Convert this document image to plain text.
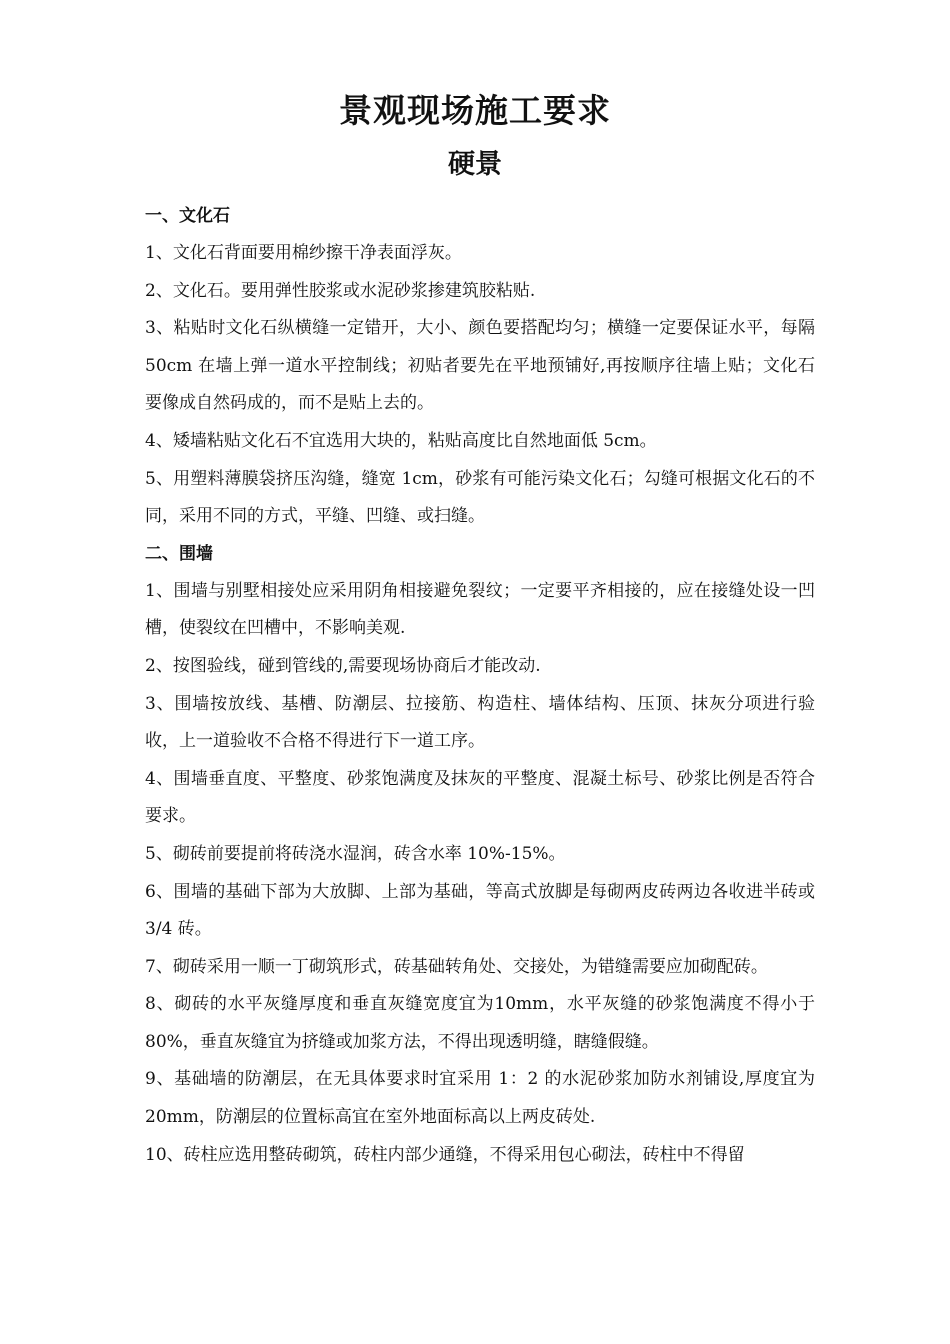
景观现场施工要求
硬景

一、文化石

1、文化石背面要用棉纱擦干净表面浮灰。

2、文化石。要用弹性胶浆或水泥砂浆掺建筑胶粘贴.

3、粘贴时文化石纵横缝一定错开，大小、颜色要搭配均匀；横缝一定要保证水平，每隔 50cm 在墙上弹一道水平控制线；初贴者要先在平地预铺好,再按顺序往墙上贴；文化石要像成自然码成的，而不是贴上去的。

4、矮墙粘贴文化石不宜选用大块的，粘贴高度比自然地面低 5cm。

5、用塑料薄膜袋挤压沟缝，缝宽 1cm，砂浆有可能污染文化石；勾缝可根据文化石的不同，采用不同的方式，平缝、凹缝、或扫缝。

二、围墙

1、围墙与别墅相接处应采用阴角相接避免裂纹；一定要平齐相接的，应在接缝处设一凹槽，使裂纹在凹槽中，不影响美观.

2、按图验线，碰到管线的,需要现场协商后才能改动.

3、围墙按放线、基槽、防潮层、拉接筋、构造柱、墙体结构、压顶、抹灰分项进行验收，上一道验收不合格不得进行下一道工序。

4、围墙垂直度、平整度、砂浆饱满度及抹灰的平整度、混凝土标号、砂浆比例是否符合要求。

5、砌砖前要提前将砖浇水湿润，砖含水率 10%-15%。

6、围墙的基础下部为大放脚、上部为基础，等高式放脚是每砌两皮砖两边各收进半砖或 3/4 砖。

7、砌砖采用一顺一丁砌筑形式，砖基础转角处、交接处，为错缝需要应加砌配砖。

8、砌砖的水平灰缝厚度和垂直灰缝宽度宜为10mm，水平灰缝的砂浆饱满度不得小于 80%，垂直灰缝宜为挤缝或加浆方法，不得出现透明缝，瞎缝假缝。

9、基础墙的防潮层，在无具体要求时宜采用 1：2 的水泥砂浆加防水剂铺设,厚度宜为 20mm，防潮层的位置标高宜在室外地面标高以上两皮砖处.

10、砖柱应选用整砖砌筑，砖柱内部少通缝，不得采用包心砌法，砖柱中不得留
